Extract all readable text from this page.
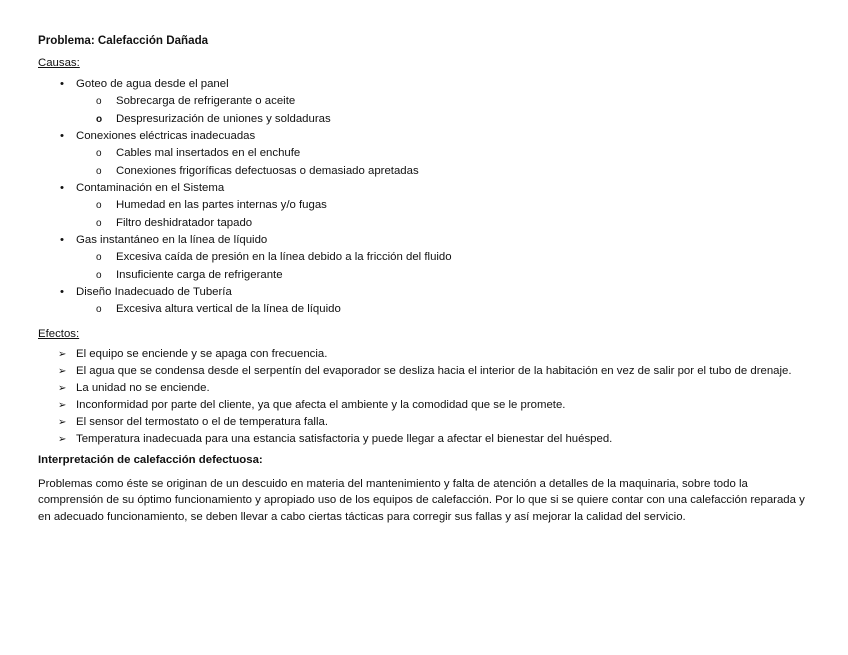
Problema: Calefacción Dañada
Causas:
• Goteo de agua desde el panel
o Sobrecarga de refrigerante o aceite
o Despresurización de uniones y soldaduras
• Conexiones eléctricas inadecuadas
o Cables mal insertados en el enchufe
o Conexiones frigoríficas defectuosas o demasiado apretadas
• Contaminación en el Sistema
o Humedad en las partes internas y/o fugas
o Filtro deshidratador tapado
• Gas instantáneo en la línea de líquido
o Excesiva caída de presión en la línea debido a la fricción del fluido
o Insuficiente carga de refrigerante
• Diseño Inadecuado de Tubería
o Excesiva altura vertical de la línea de líquido
Efectos:
➢ El equipo se enciende y se apaga con frecuencia.
➢ El agua que se condensa desde el serpentín del evaporador se desliza hacia el interior de la habitación en vez de salir por el tubo de drenaje.
➢ La unidad no se enciende.
➢ Inconformidad por parte del cliente, ya que afecta el ambiente y la comodidad que se le promete.
➢ El sensor del termostato o el de temperatura falla.
➢ Temperatura inadecuada para una estancia satisfactoria y puede llegar a afectar el bienestar del huésped.
Interpretación de calefacción defectuosa:

Problemas como éste se originan de un descuido en materia del mantenimiento y falta de atención a detalles de la maquinaria, sobre todo la comprensión de su óptimo funcionamiento y apropiado uso de los equipos de calefacción. Por lo que si se quiere contar con una calefacción reparada y en adecuado funcionamiento, se deben llevar a cabo ciertas tácticas para corregir sus fallas y así mejorar la calidad del servicio.
